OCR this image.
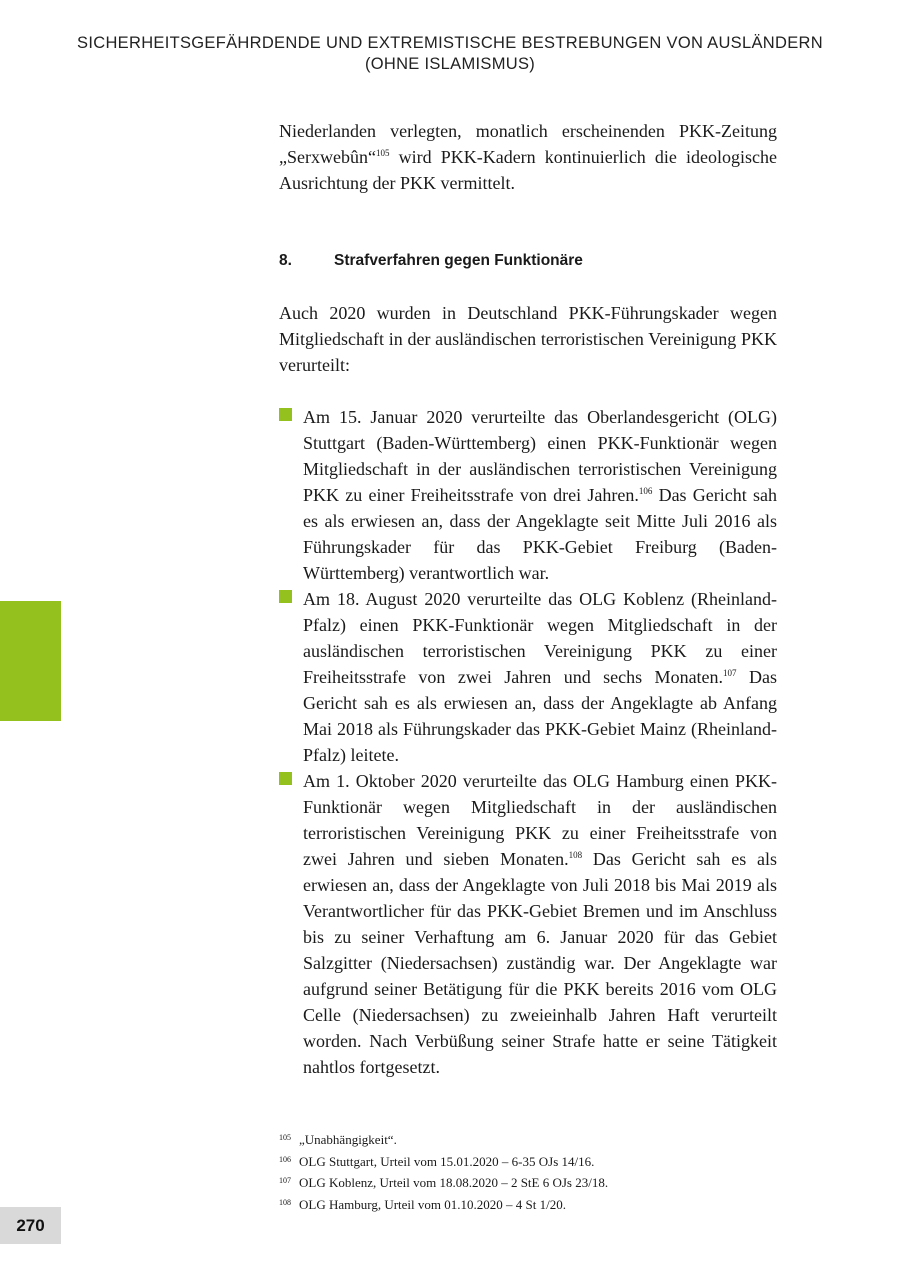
SICHERHEITSGEFÄHRDENDE UND EXTREMISTISCHE BESTREBUNGEN VON AUSLÄNDERN
(OHNE ISLAMISMUS)

Niederlanden verlegten, monatlich erscheinenden PKK-Zeitung „Serxwebûn“$^{105}$ wird PKK-Kadern kontinuierlich die ideologische Ausrichtung der PKK vermittelt.

8.	Strafverfahren gegen Funktionäre

Auch 2020 wurden in Deutschland PKK-Führungskader wegen Mitgliedschaft in der ausländischen terroristischen Vereinigung PKK verurteilt:

Am 15. Januar 2020 verurteilte das Oberlandesgericht (OLG) Stuttgart (Baden-Württemberg) einen PKK-Funktionär wegen Mitgliedschaft in der ausländischen terroristischen Vereinigung PKK zu einer Freiheitsstrafe von drei Jahren.$^{106}$ Das Gericht sah es als erwiesen an, dass der Angeklagte seit Mitte Juli 2016 als Führungskader für das PKK-Gebiet Freiburg (Baden-Württemberg) verantwortlich war.
Am 18. August 2020 verurteilte das OLG Koblenz (Rheinland-Pfalz) einen PKK-Funktionär wegen Mitgliedschaft in der ausländischen terroristischen Vereinigung PKK zu einer Freiheitsstrafe von zwei Jahren und sechs Monaten.$^{107}$ Das Gericht sah es als erwiesen an, dass der Angeklagte ab Anfang Mai 2018 als Führungskader das PKK-Gebiet Mainz (Rheinland-Pfalz) leitete.
Am 1. Oktober 2020 verurteilte das OLG Hamburg einen PKK-Funktionär wegen Mitgliedschaft in der ausländischen terroristischen Vereinigung PKK zu einer Freiheitsstrafe von zwei Jahren und sieben Monaten.$^{108}$ Das Gericht sah es als erwiesen an, dass der Angeklagte von Juli 2018 bis Mai 2019 als Verantwortlicher für das PKK-Gebiet Bremen und im Anschluss bis zu seiner Verhaftung am 6. Januar 2020 für das Gebiet Salzgitter (Niedersachsen) zuständig war. Der Angeklagte war aufgrund seiner Betätigung für die PKK bereits 2016 vom OLG Celle (Niedersachsen) zu zweieinhalb Jahren Haft verurteilt worden. Nach Verbüßung seiner Strafe hatte er seine Tätigkeit nahtlos fortgesetzt.
$^{105}$ „Unabhängigkeit“.
$^{106}$ OLG Stuttgart, Urteil vom 15.01.2020 – 6-35 OJs 14/16.
$^{107}$ OLG Koblenz, Urteil vom 18.08.2020 – 2 StE 6 OJs 23/18.
$^{108}$ OLG Hamburg, Urteil vom 01.10.2020 – 4 St 1/20.
270
